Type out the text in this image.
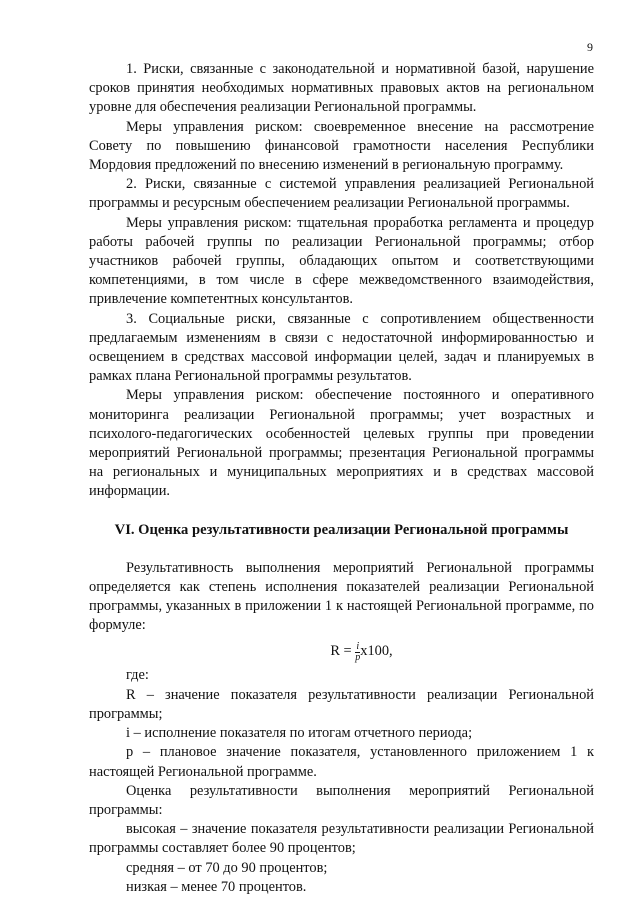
9

1. Риски, связанные с законодательной и нормативной базой, нарушение сроков принятия необходимых нормативных правовых актов на региональном уровне для обеспечения реализации Региональной программы.

Меры управления риском: своевременное внесение на рассмотрение Совету по повышению финансовой грамотности населения Республики Мордовия предложений по внесению изменений в региональную программу.

2. Риски, связанные с системой управления реализацией Региональной программы и ресурсным обеспечением реализации Региональной программы.

Меры управления риском: тщательная проработка регламента и процедур работы рабочей группы по реализации Региональной программы; отбор участников рабочей группы, обладающих опытом и соответствующими компетенциями, в том числе в сфере межведомственного взаимодействия, привлечение компетентных консультантов.

3. Социальные риски, связанные с сопротивлением общественности предлагаемым изменениям в связи с недостаточной информированностью и освещением в средствах массовой информации целей, задач и планируемых в рамках плана Региональной программы результатов.

Меры управления риском: обеспечение постоянного и оперативного мониторинга реализации Региональной программы; учет возрастных и психолого-педагогических особенностей целевых группы при проведении мероприятий Региональной программы; презентация Региональной программы на региональных и муниципальных мероприятиях и в средствах массовой информации.

VI. Оценка результативности реализации Региональной программы

Результативность выполнения мероприятий Региональной программы определяется как степень исполнения показателей реализации Региональной программы, указанных в приложении 1 к настоящей Региональной программе, по формуле:

$R = \frac{i}{p} x100$,

где:

R – значение показателя результативности реализации Региональной программы;

i – исполнение показателя по итогам отчетного периода;

p – плановое значение показателя, установленного приложением 1 к настоящей Региональной программе.

Оценка результативности выполнения мероприятий Региональной программы:

высокая – значение показателя результативности реализации Региональной программы составляет более 90 процентов;

средняя – от 70 до 90 процентов;

низкая – менее 70 процентов.
